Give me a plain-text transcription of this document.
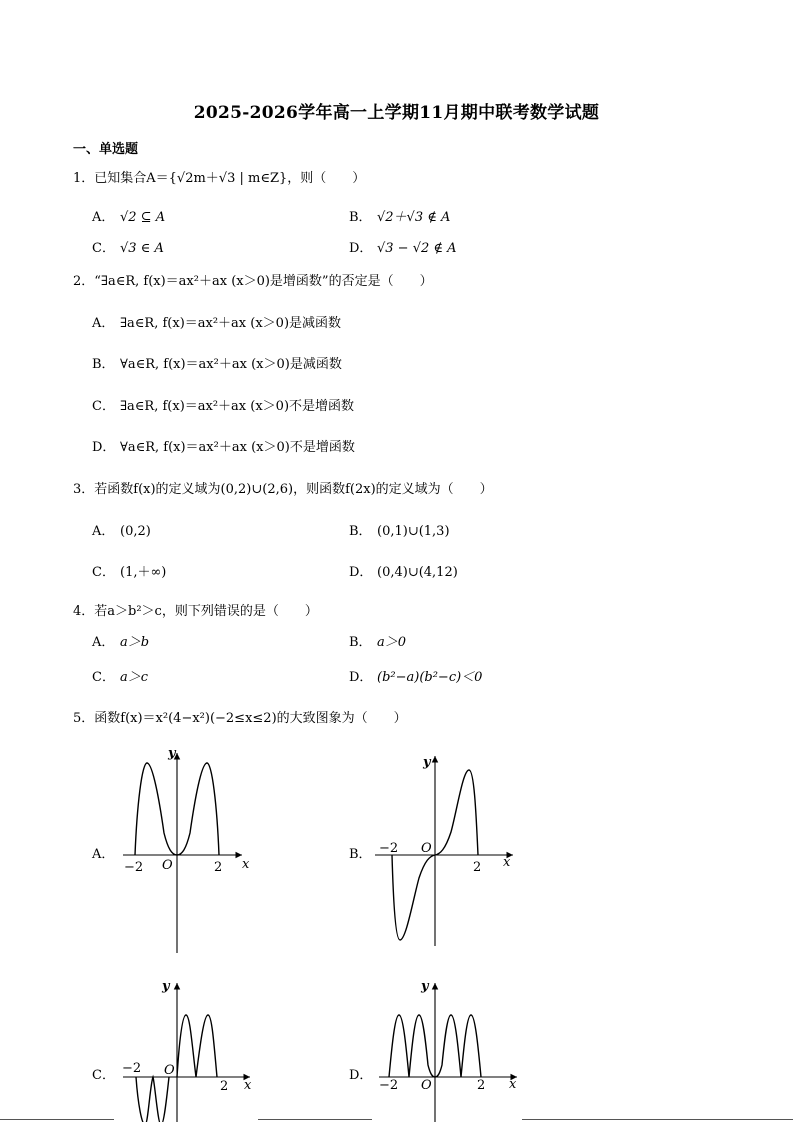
2025-2026学年高一上学期11月期中联考数学试题
一、单选题
1．已知集合A＝{√2m＋√3 | m∈Z}，则（　　）
A． √2 ⊆ A	B． √2＋√3 ∉ A
C． √3 ∈ A	D． √3 − √2 ∉ A
2．“∃a∈R, f(x)＝ax²＋ax (x＞0)是增函数”的否定是（　　）
A． ∃a∈R, f(x)＝ax²＋ax (x＞0)是减函数
B． ∀a∈R, f(x)＝ax²＋ax (x＞0)是减函数
C． ∃a∈R, f(x)＝ax²＋ax (x＞0)不是增函数
D． ∀a∈R, f(x)＝ax²＋ax (x＞0)不是增函数
3．若函数f(x)的定义域为(0,2)∪(2,6)，则函数f(2x)的定义域为（　　）
A． (0,2)	B． (0,1)∪(1,3)
C． (1,＋∞)	D． (0,4)∪(4,12)
4．若a＞b²＞c，则下列错误的是（　　）
A． a＞b	B． a＞0
C． a＞c	D． (b²−a)(b²−c)＜0
5．函数f(x)＝x²(4−x²)(−2≤x≤2)的大致图象为（　　）
A．	B．
C．	D．
y
x
O
−2	2
y
x
O
−2
2
y
x
O
−2
2
y
x
O
−2	2
